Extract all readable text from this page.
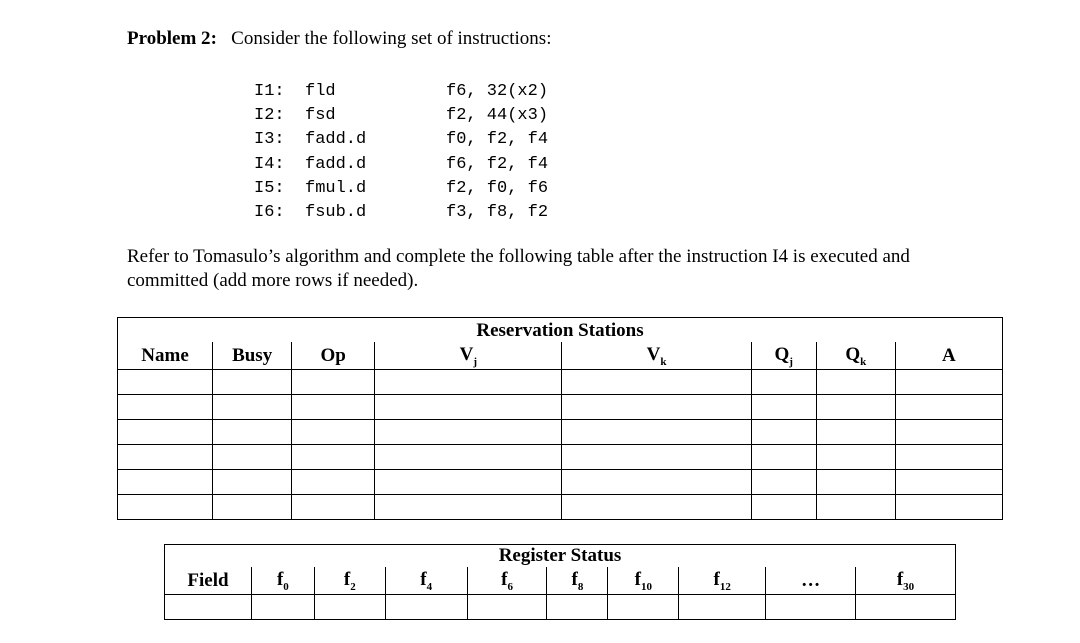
Problem 2: Consider the following set of instructions:
I1:	fld	f6, 32(x2)
I2:	fsd	f2, 44(x3)
I3:	fadd.d	f0, f2, f4
I4:	fadd.d	f6, f2, f4
I5:	fmul.d	f2, f0, f6
I6:	fsub.d	f3, f8, f2
Refer to Tomasulo’s algorithm and complete the following table after the instruction I4 is executed and committed (add more rows if needed).
Reservation Stations							
Name	Busy	Op	$V_j$	$V_k$	$Q_j$	$Q_k$	A

Register Status									
Field	$f_0$	$f_2$	$f_4$	$f_6$	$f_8$	$f_{10}$	$f_{12}$	…	$f_{30}$
